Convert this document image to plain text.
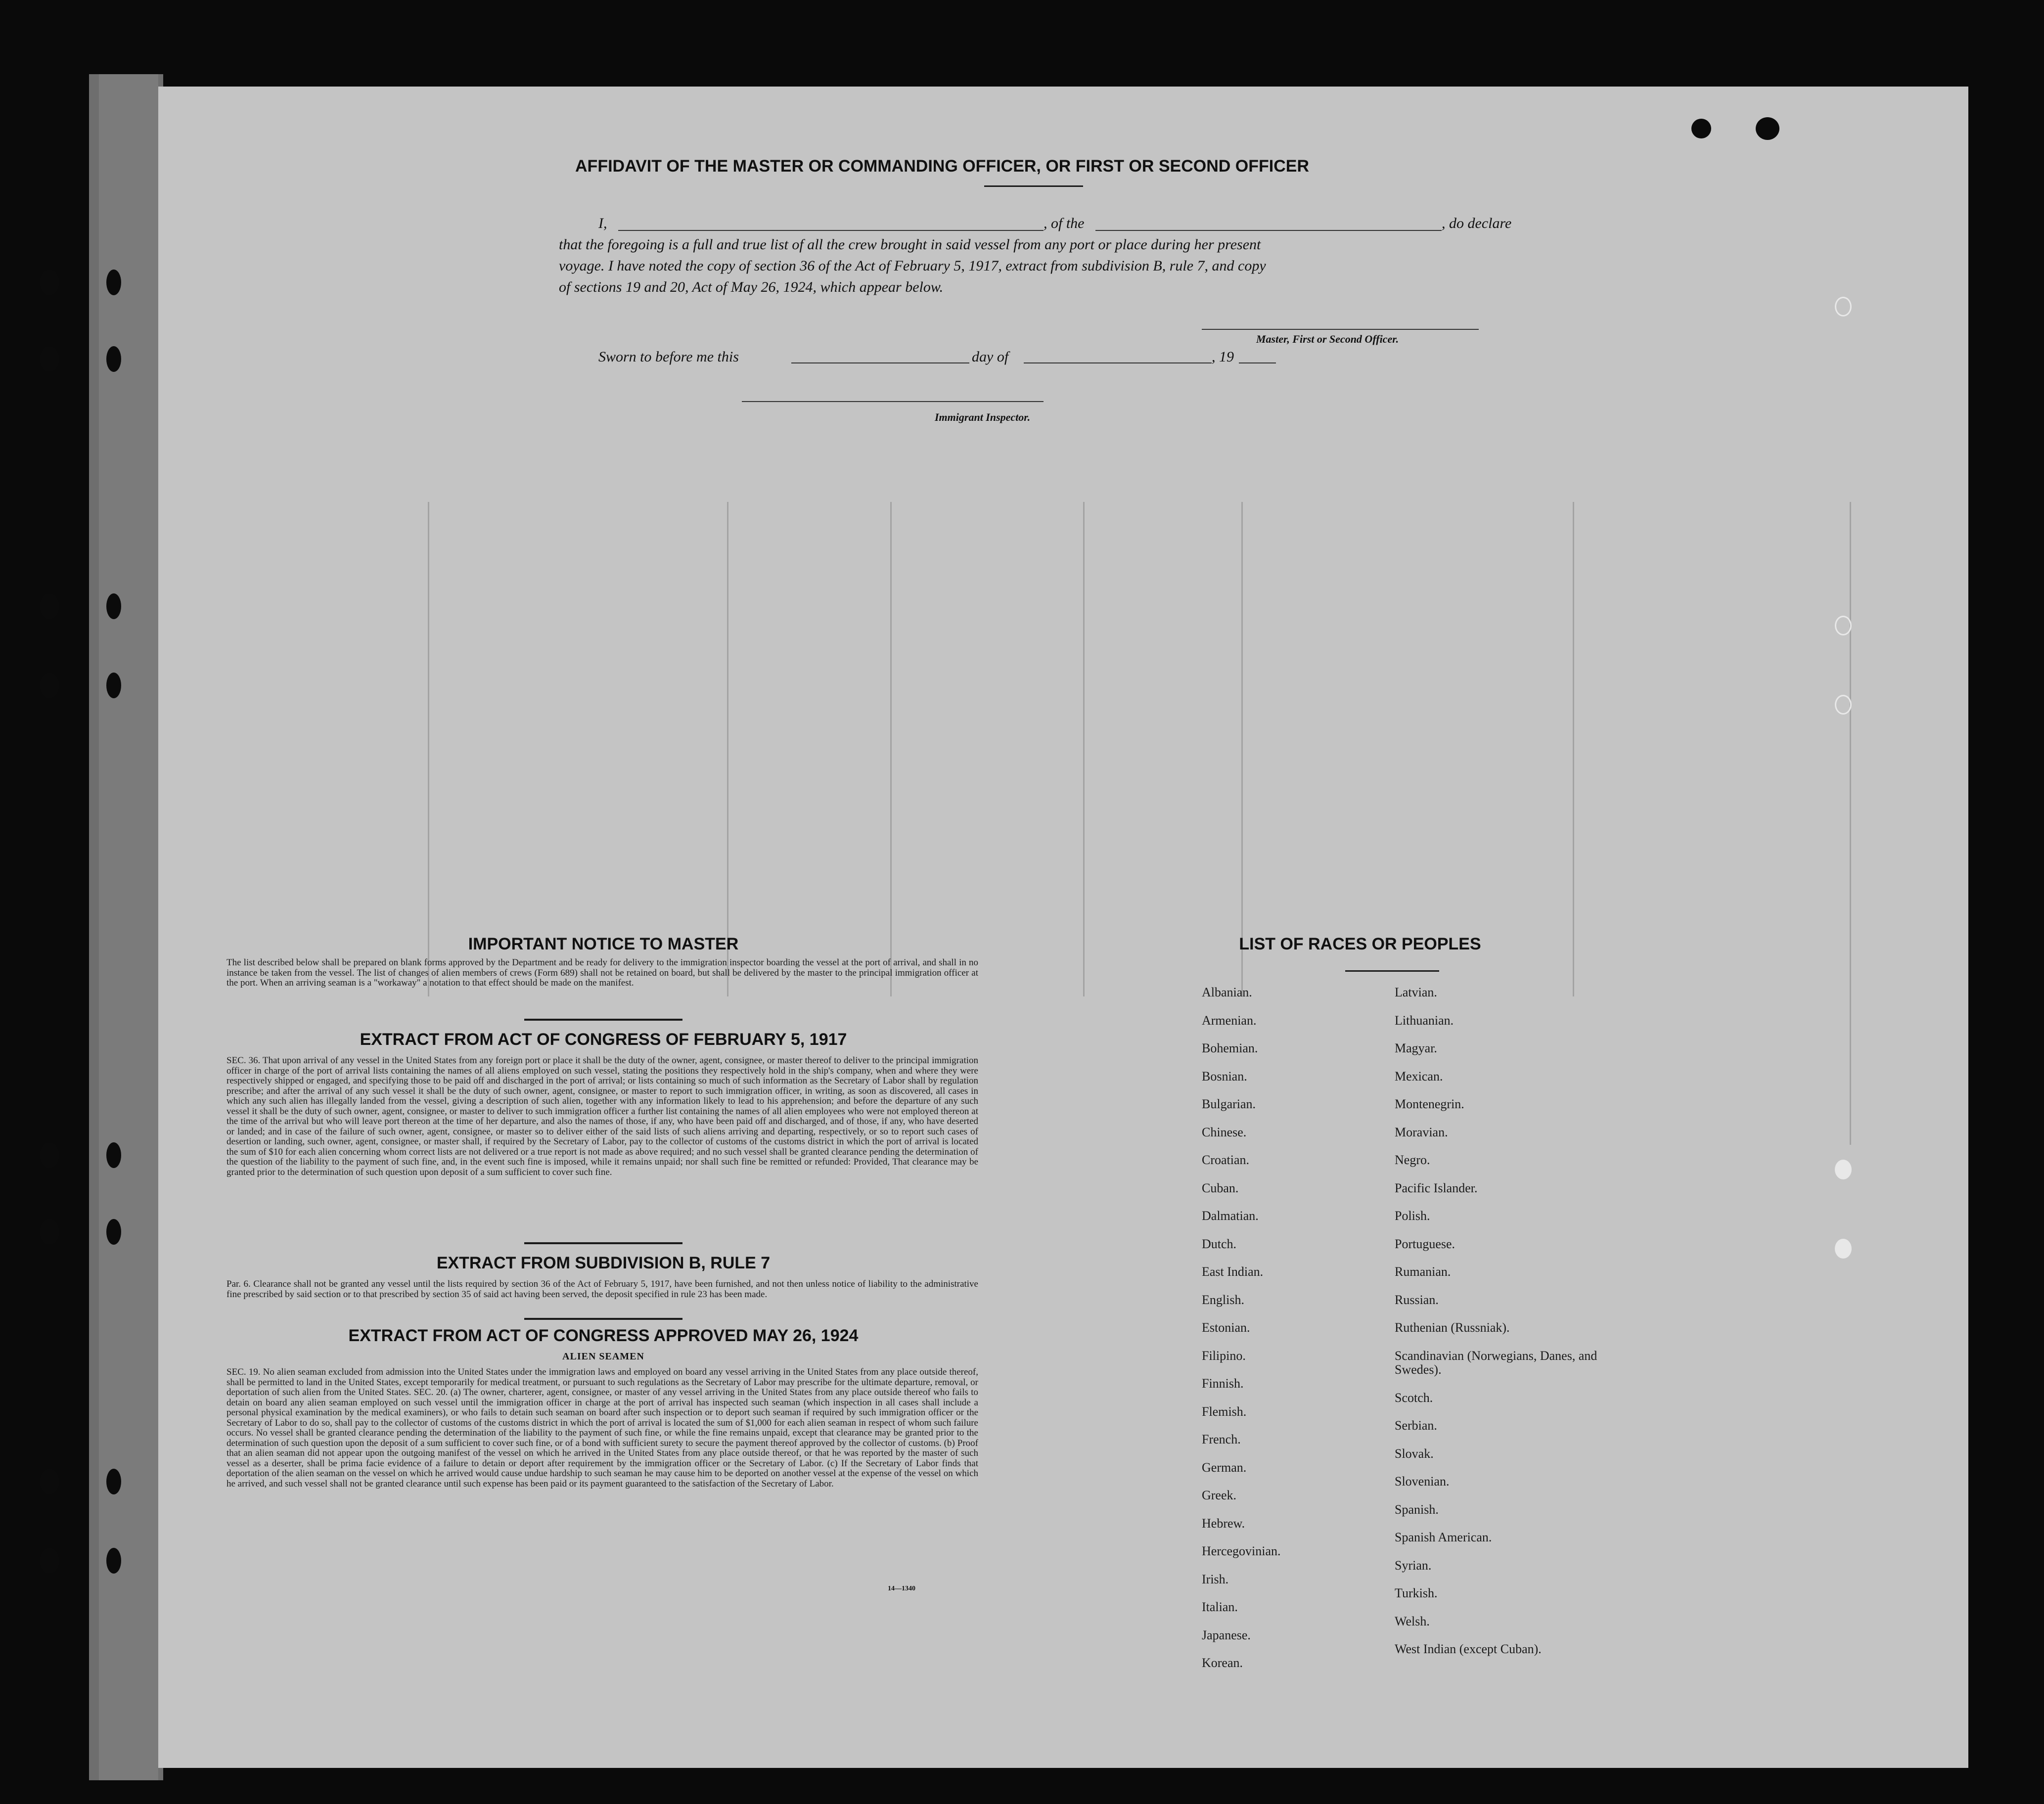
AFFIDAVIT OF THE MASTER OR COMMANDING OFFICER, OR FIRST OR SECOND OFFICER
I,	, of the	, do declare
that the foregoing is a full and true list of all the crew brought in said vessel from any port or place during her present
voyage. I have noted the copy of section 36 of the Act of February 5, 1917, extract from subdivision B, rule 7, and copy
of sections 19 and 20, Act of May 26, 1924, which appear below.
Master, First or Second Officer.
Sworn to before me this	day of	, 19
Immigrant Inspector.
IMPORTANT NOTICE TO MASTER
The list described below shall be prepared on blank forms approved by the Department and be ready for delivery to the immigration inspector boarding the vessel at the port of arrival, and shall in no instance be taken from the vessel. The list of changes of alien members of crews (Form 689) shall not be retained on board, but shall be delivered by the master to the principal immigration officer at the port. When an arriving seaman is a "workaway" a notation to that effect should be made on the manifest.
EXTRACT FROM ACT OF CONGRESS OF FEBRUARY 5, 1917
SEC. 36. That upon arrival of any vessel in the United States from any foreign port or place it shall be the duty of the owner, agent, consignee, or master thereof to deliver to the principal immigration officer in charge of the port of arrival lists containing the names of all aliens employed on such vessel, stating the positions they respectively hold in the ship's company, when and where they were respectively shipped or engaged, and specifying those to be paid off and discharged in the port of arrival; or lists containing so much of such information as the Secretary of Labor shall by regulation prescribe; and after the arrival of any such vessel it shall be the duty of such owner, agent, consignee, or master to report to such immigration officer, in writing, as soon as discovered, all cases in which any such alien has illegally landed from the vessel, giving a description of such alien, together with any information likely to lead to his apprehension; and before the departure of any such vessel it shall be the duty of such owner, agent, consignee, or master to deliver to such immigration officer a further list containing the names of all alien employees who were not employed thereon at the time of the arrival but who will leave port thereon at the time of her departure, and also the names of those, if any, who have been paid off and discharged, and of those, if any, who have deserted or landed; and in case of the failure of such owner, agent, consignee, or master so to deliver either of the said lists of such aliens arriving and departing, respectively, or so to report such cases of desertion or landing, such owner, agent, consignee, or master shall, if required by the Secretary of Labor, pay to the collector of customs of the customs district in which the port of arrival is located the sum of $10 for each alien concerning whom correct lists are not delivered or a true report is not made as above required; and no such vessel shall be granted clearance pending the determination of the question of the liability to the payment of such fine, and, in the event such fine is imposed, while it remains unpaid; nor shall such fine be remitted or refunded: Provided, That clearance may be granted prior to the determination of such question upon deposit of a sum sufficient to cover such fine.
EXTRACT FROM SUBDIVISION B, RULE 7
Par. 6. Clearance shall not be granted any vessel until the lists required by section 36 of the Act of February 5, 1917, have been furnished, and not then unless notice of liability to the administrative fine prescribed by said section or to that prescribed by section 35 of said act having been served, the deposit specified in rule 23 has been made.
EXTRACT FROM ACT OF CONGRESS APPROVED MAY 26, 1924
ALIEN SEAMEN
SEC. 19. No alien seaman excluded from admission into the United States under the immigration laws and employed on board any vessel arriving in the United States from any place outside thereof, shall be permitted to land in the United States, except temporarily for medical treatment, or pursuant to such regulations as the Secretary of Labor may prescribe for the ultimate departure, removal, or deportation of such alien from the United States. SEC. 20. (a) The owner, charterer, agent, consignee, or master of any vessel arriving in the United States from any place outside thereof who fails to detain on board any alien seaman employed on such vessel until the immigration officer in charge at the port of arrival has inspected such seaman (which inspection in all cases shall include a personal physical examination by the medical examiners), or who fails to detain such seaman on board after such inspection or to deport such seaman if required by such immigration officer or the Secretary of Labor to do so, shall pay to the collector of customs of the customs district in which the port of arrival is located the sum of $1,000 for each alien seaman in respect of whom such failure occurs. No vessel shall be granted clearance pending the determination of the liability to the payment of such fine, or while the fine remains unpaid, except that clearance may be granted prior to the determination of such question upon the deposit of a sum sufficient to cover such fine, or of a bond with sufficient surety to secure the payment thereof approved by the collector of customs. (b) Proof that an alien seaman did not appear upon the outgoing manifest of the vessel on which he arrived in the United States from any place outside thereof, or that he was reported by the master of such vessel as a deserter, shall be prima facie evidence of a failure to detain or deport after requirement by the immigration officer or the Secretary of Labor. (c) If the Secretary of Labor finds that deportation of the alien seaman on the vessel on which he arrived would cause undue hardship to such seaman he may cause him to be deported on another vessel at the expense of the vessel on which he arrived, and such vessel shall not be granted clearance until such expense has been paid or its payment guaranteed to the satisfaction of the Secretary of Labor.
14—1340
LIST OF RACES OR PEOPLES
Albanian.
Armenian.
Bohemian.
Bosnian.
Bulgarian.
Chinese.
Croatian.
Cuban.
Dalmatian.
Dutch.
East Indian.
English.
Estonian.
Filipino.
Finnish.
Flemish.
French.
German.
Greek.
Hebrew.
Hercegovinian.
Irish.
Italian.
Japanese.
Korean.
Latvian.
Lithuanian.
Magyar.
Mexican.
Montenegrin.
Moravian.
Negro.
Pacific Islander.
Polish.
Portuguese.
Rumanian.
Russian.
Ruthenian (Russniak).
Scandinavian (Norwegians, Danes, and Swedes).
Scotch.
Serbian.
Slovak.
Slovenian.
Spanish.
Spanish American.
Syrian.
Turkish.
Welsh.
West Indian (except Cuban).
